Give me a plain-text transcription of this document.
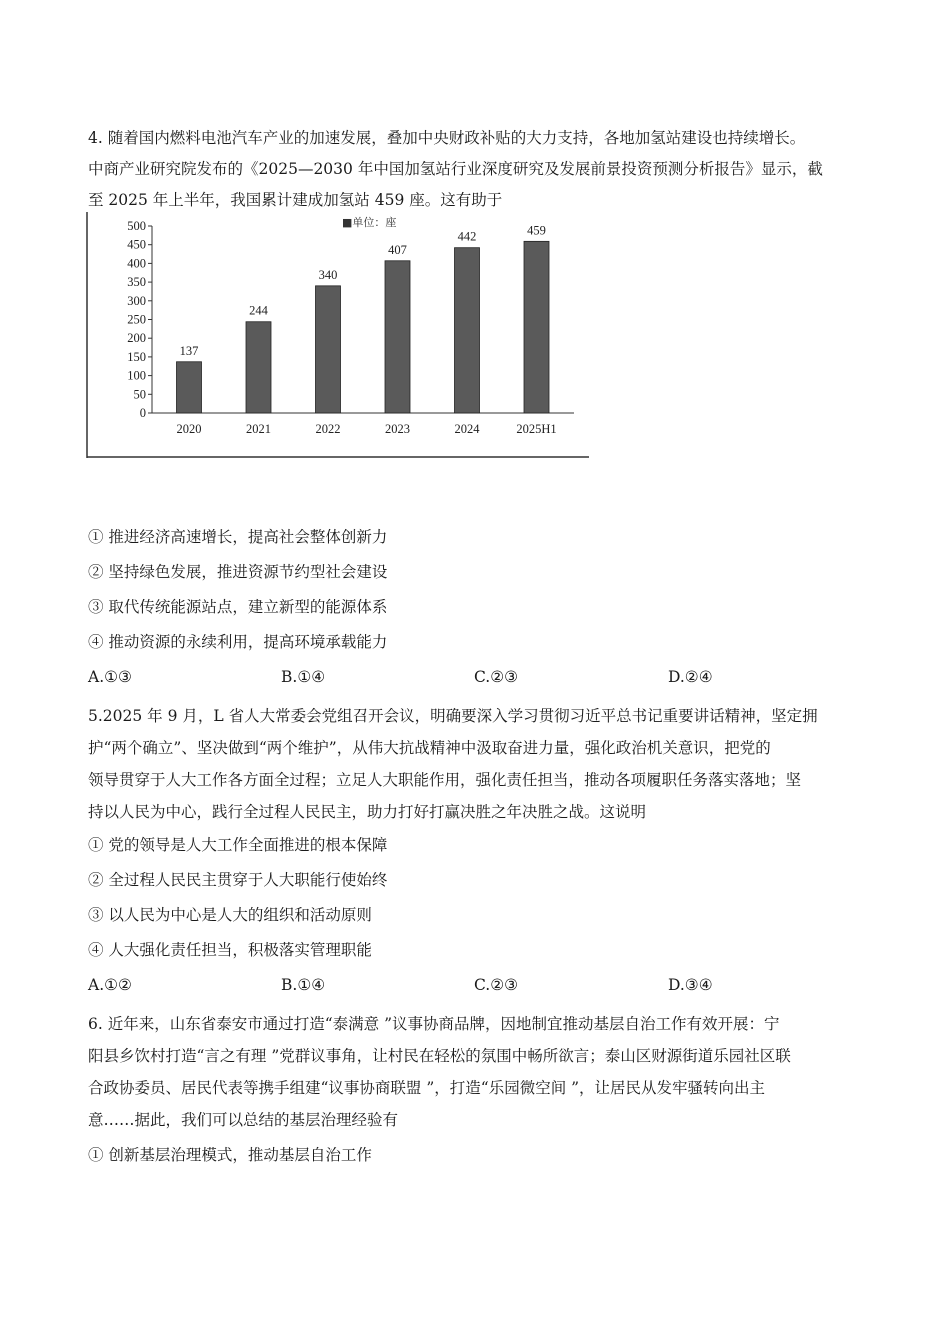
4. 随着国内燃料电池汽车产业的加速发展，叠加中央财政补贴的大力支持，各地加氢站建设也持续增长。
中商产业研究院发布的《2025—2030 年中国加氢站行业深度研究及发展前景投资预测分析报告》显示，截
至 2025 年上半年，我国累计建成加氢站 459 座。这有助于
0
50
100
150
200
250
300
350
400
450
500
137
2020
244
2021
340
2022
407
2023
442
2024
459
2025H1
■单位：座
① 推进经济高速增长，提高社会整体创新力
② 坚持绿色发展，推进资源节约型社会建设
③ 取代传统能源站点，建立新型的能源体系
④ 推动资源的永续利用，提高环境承载能力
A.①③	B.①④	C.②③	D.②④
5.2025 年 9 月，L 省人大常委会党组召开会议，明确要深入学习贯彻习近平总书记重要讲话精神，坚定拥
护“两个确立”、坚决做到“两个维护”，从伟大抗战精神中汲取奋进力量，强化政治机关意识，把党的
领导贯穿于人大工作各方面全过程；立足人大职能作用，强化责任担当，推动各项履职任务落实落地；坚
持以人民为中心，践行全过程人民民主，助力打好打赢决胜之年决胜之战。这说明
① 党的领导是人大工作全面推进的根本保障
② 全过程人民民主贯穿于人大职能行使始终
③ 以人民为中心是人大的组织和活动原则
④ 人大强化责任担当，积极落实管理职能
A.①②	B.①④	C.②③	D.③④
6. 近年来，山东省泰安市通过打造“泰满意 ”议事协商品牌，因地制宜推动基层自治工作有效开展：宁
阳县乡饮村打造“言之有理 ”党群议事角，让村民在轻松的氛围中畅所欲言；泰山区财源街道乐园社区联
合政协委员、居民代表等携手组建“议事协商联盟 ”，打造“乐园微空间 ”，让居民从发牢骚转向出主
意……据此，我们可以总结的基层治理经验有
① 创新基层治理模式，推动基层自治工作
